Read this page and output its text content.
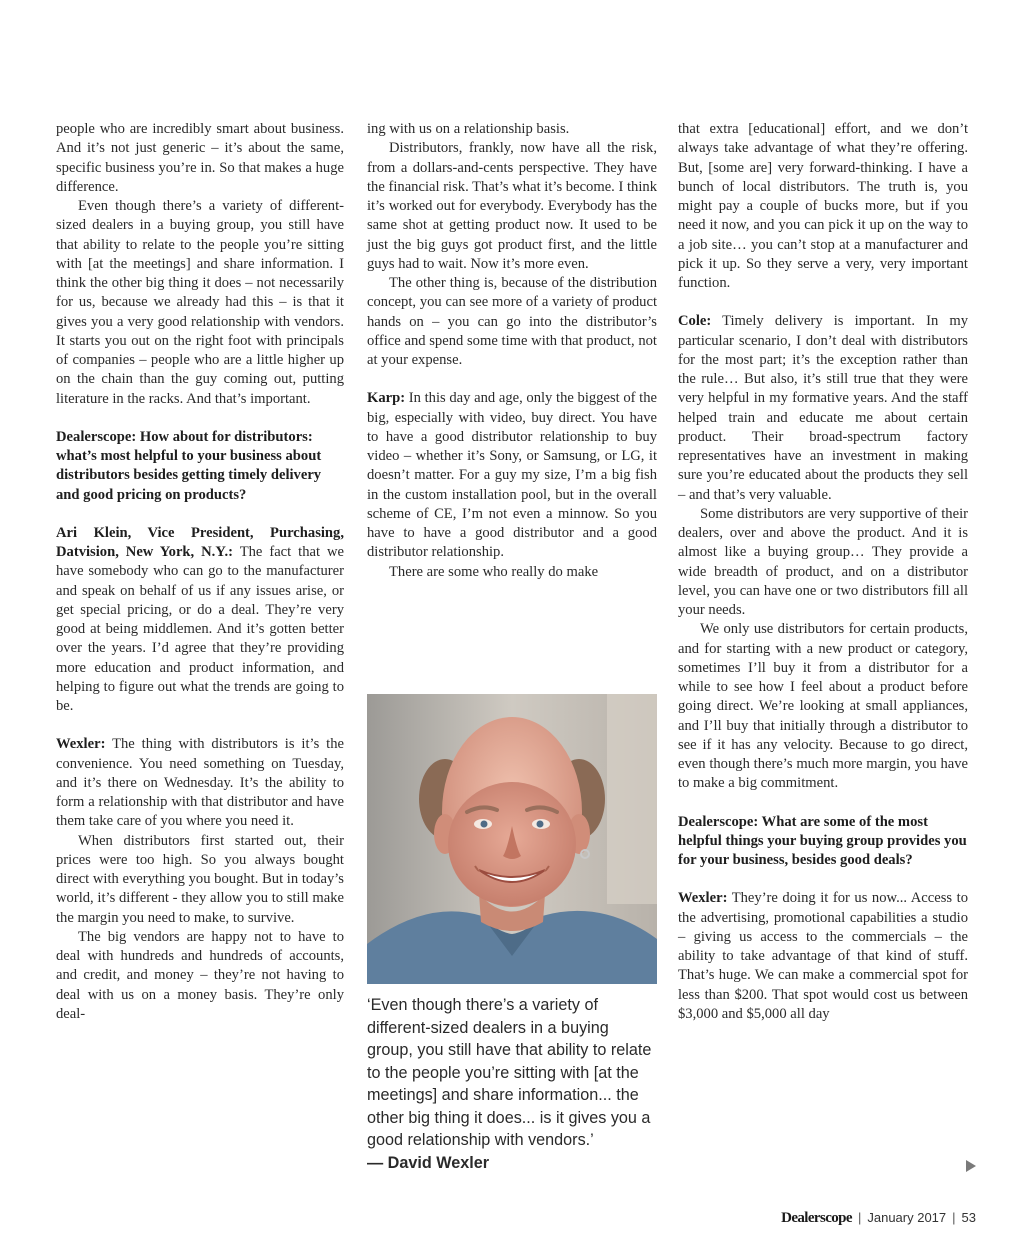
people who are incredibly smart about business. And it’s not just generic – it’s about the same, specific business you’re in. So that makes a huge difference.

Even though there’s a variety of different-sized dealers in a buying group, you still have that ability to relate to the people you’re sitting with [at the meetings] and share information. I think the other big thing it does – not necessarily for us, because we already had this – is that it gives you a very good relationship with vendors. It starts you out on the right foot with principals of companies – people who are a little higher up on the chain than the guy coming out, putting literature in the racks. And that’s important.

Dealerscope: How about for distributors: what’s most helpful to your business about distributors besides getting timely delivery and good pricing on products?

Ari Klein, Vice President, Purchasing, Datvision, New York, N.Y.: The fact that we have somebody who can go to the manufacturer and speak on behalf of us if any issues arise, or get special pricing, or do a deal. They’re very good at being middlemen. And it’s gotten better over the years. I’d agree that they’re providing more education and product information, and helping to figure out what the trends are going to be.

Wexler: The thing with distributors is it’s the convenience. You need something on Tuesday, and it’s there on Wednesday. It’s the ability to form a relationship with that distributor and have them take care of you where you need it.

When distributors first started out, their prices were too high. So you always bought direct with everything you bought. But in today’s world, it’s different - they allow you to still make the margin you need to make, to survive.

The big vendors are happy not to have to deal with hundreds and hundreds of accounts, and credit, and money – they’re not having to deal with us on a money basis. They’re only deal-

ing with us on a relationship basis.

Distributors, frankly, now have all the risk, from a dollars-and-cents perspective. They have the financial risk. That’s what it’s become. I think it’s worked out for everybody. Everybody has the same shot at getting product now. It used to be just the big guys got product first, and the little guys had to wait. Now it’s more even.

The other thing is, because of the distribution concept, you can see more of a variety of product hands on – you can go into the distributor’s office and spend some time with that product, not at your expense.

Karp: In this day and age, only the biggest of the big, especially with video, buy direct. You have to have a good distributor relationship to buy video – whether it’s Sony, or Samsung, or LG, it doesn’t matter. For a guy my size, I’m a big fish in the custom installation pool, but in the overall scheme of CE, I’m not even a minnow. So you have to have a good distributor and a good distributor relationship.

There are some who really do make

‘Even though there’s a variety of different-sized dealers in a buying group, you still have that ability to relate to the people you’re sitting with [at the meetings] and share information... the other big thing it does... is it gives you a good relationship with vendors.’  — David Wexler

that extra [educational] effort, and we don’t always take advantage of what they’re offering. But, [some are] very forward-thinking. I have a bunch of local distributors. The truth is, you might pay a couple of bucks more, but if you need it now, and you can pick it up on the way to a job site… you can’t stop at a manufacturer and pick it up. So they serve a very, very important function.

Cole: Timely delivery is important. In my particular scenario, I don’t deal with distributors for the most part; it’s the exception rather than the rule… But also, it’s still true that they were very helpful in my formative years. And the staff helped train and educate me about certain product. Their broad-spectrum factory representatives have an investment in making sure you’re educated about the products they sell – and that’s very valuable.

Some distributors are very supportive of their dealers, over and above the product. And it is almost like a buying group… They provide a wide breadth of product, and on a distributor level, you can have one or two distributors fill all your needs.

We only use distributors for certain products, and for starting with a new product or category, sometimes I’ll buy it from a distributor for a while to see how I feel about a product before going direct. We’re looking at small appliances, and I’ll buy that initially through a distributor to see if it has any velocity. Because to go direct, even though there’s much more margin, you have to make a big commitment.

Dealerscope: What are some of the most helpful things your buying group provides you for your business, besides good deals?

Wexler: They’re doing it for us now... Access to the advertising, promotional capabilities a studio – giving us access to the commercials – the ability to take advantage of that kind of stuff. That’s huge. We can make a commercial spot for less than $200. That spot would cost us between $3,000 and $5,000 all day

Dealerscope | January 2017 | 53
